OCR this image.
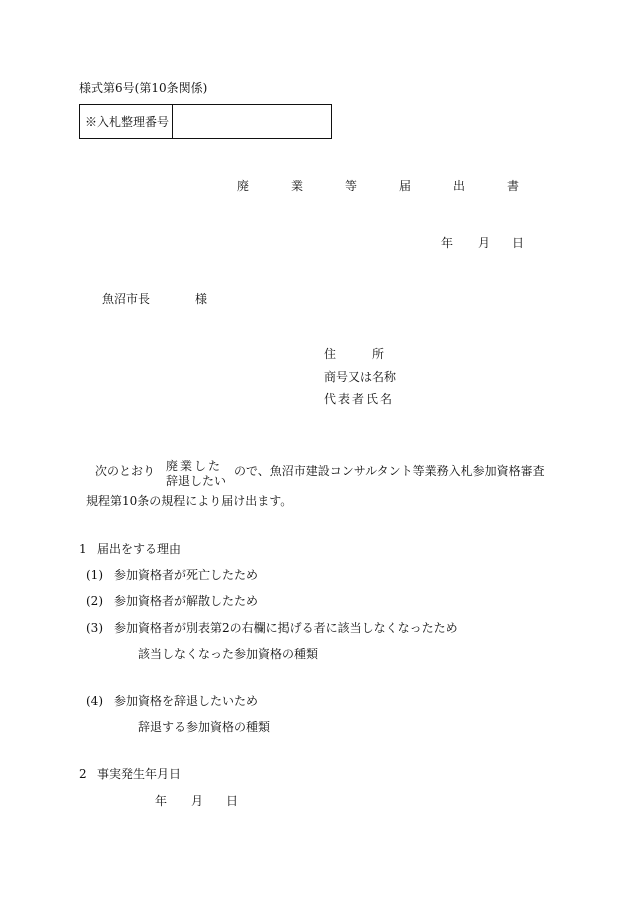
様式第6号(第10条関係)
※入札整理番号
廃　業　等　届　出　書
年 月 日
魚沼市長	様
住　　　所
商号又は名称
代表者氏名
次のとおり 廃業した
辞退したい
ので、魚沼市建設コンサルタント等業務入札参加資格審査
規程第10条の規程により届け出ます。
1 届出をする理由
(1) 参加資格者が死亡したため
(2) 参加資格者が解散したため
(3) 参加資格者が別表第2の右欄に掲げる者に該当しなくなったため
該当しなくなった参加資格の種類
(4) 参加資格を辞退したいため
辞退する参加資格の種類
2 事実発生年月日
年 月 日
